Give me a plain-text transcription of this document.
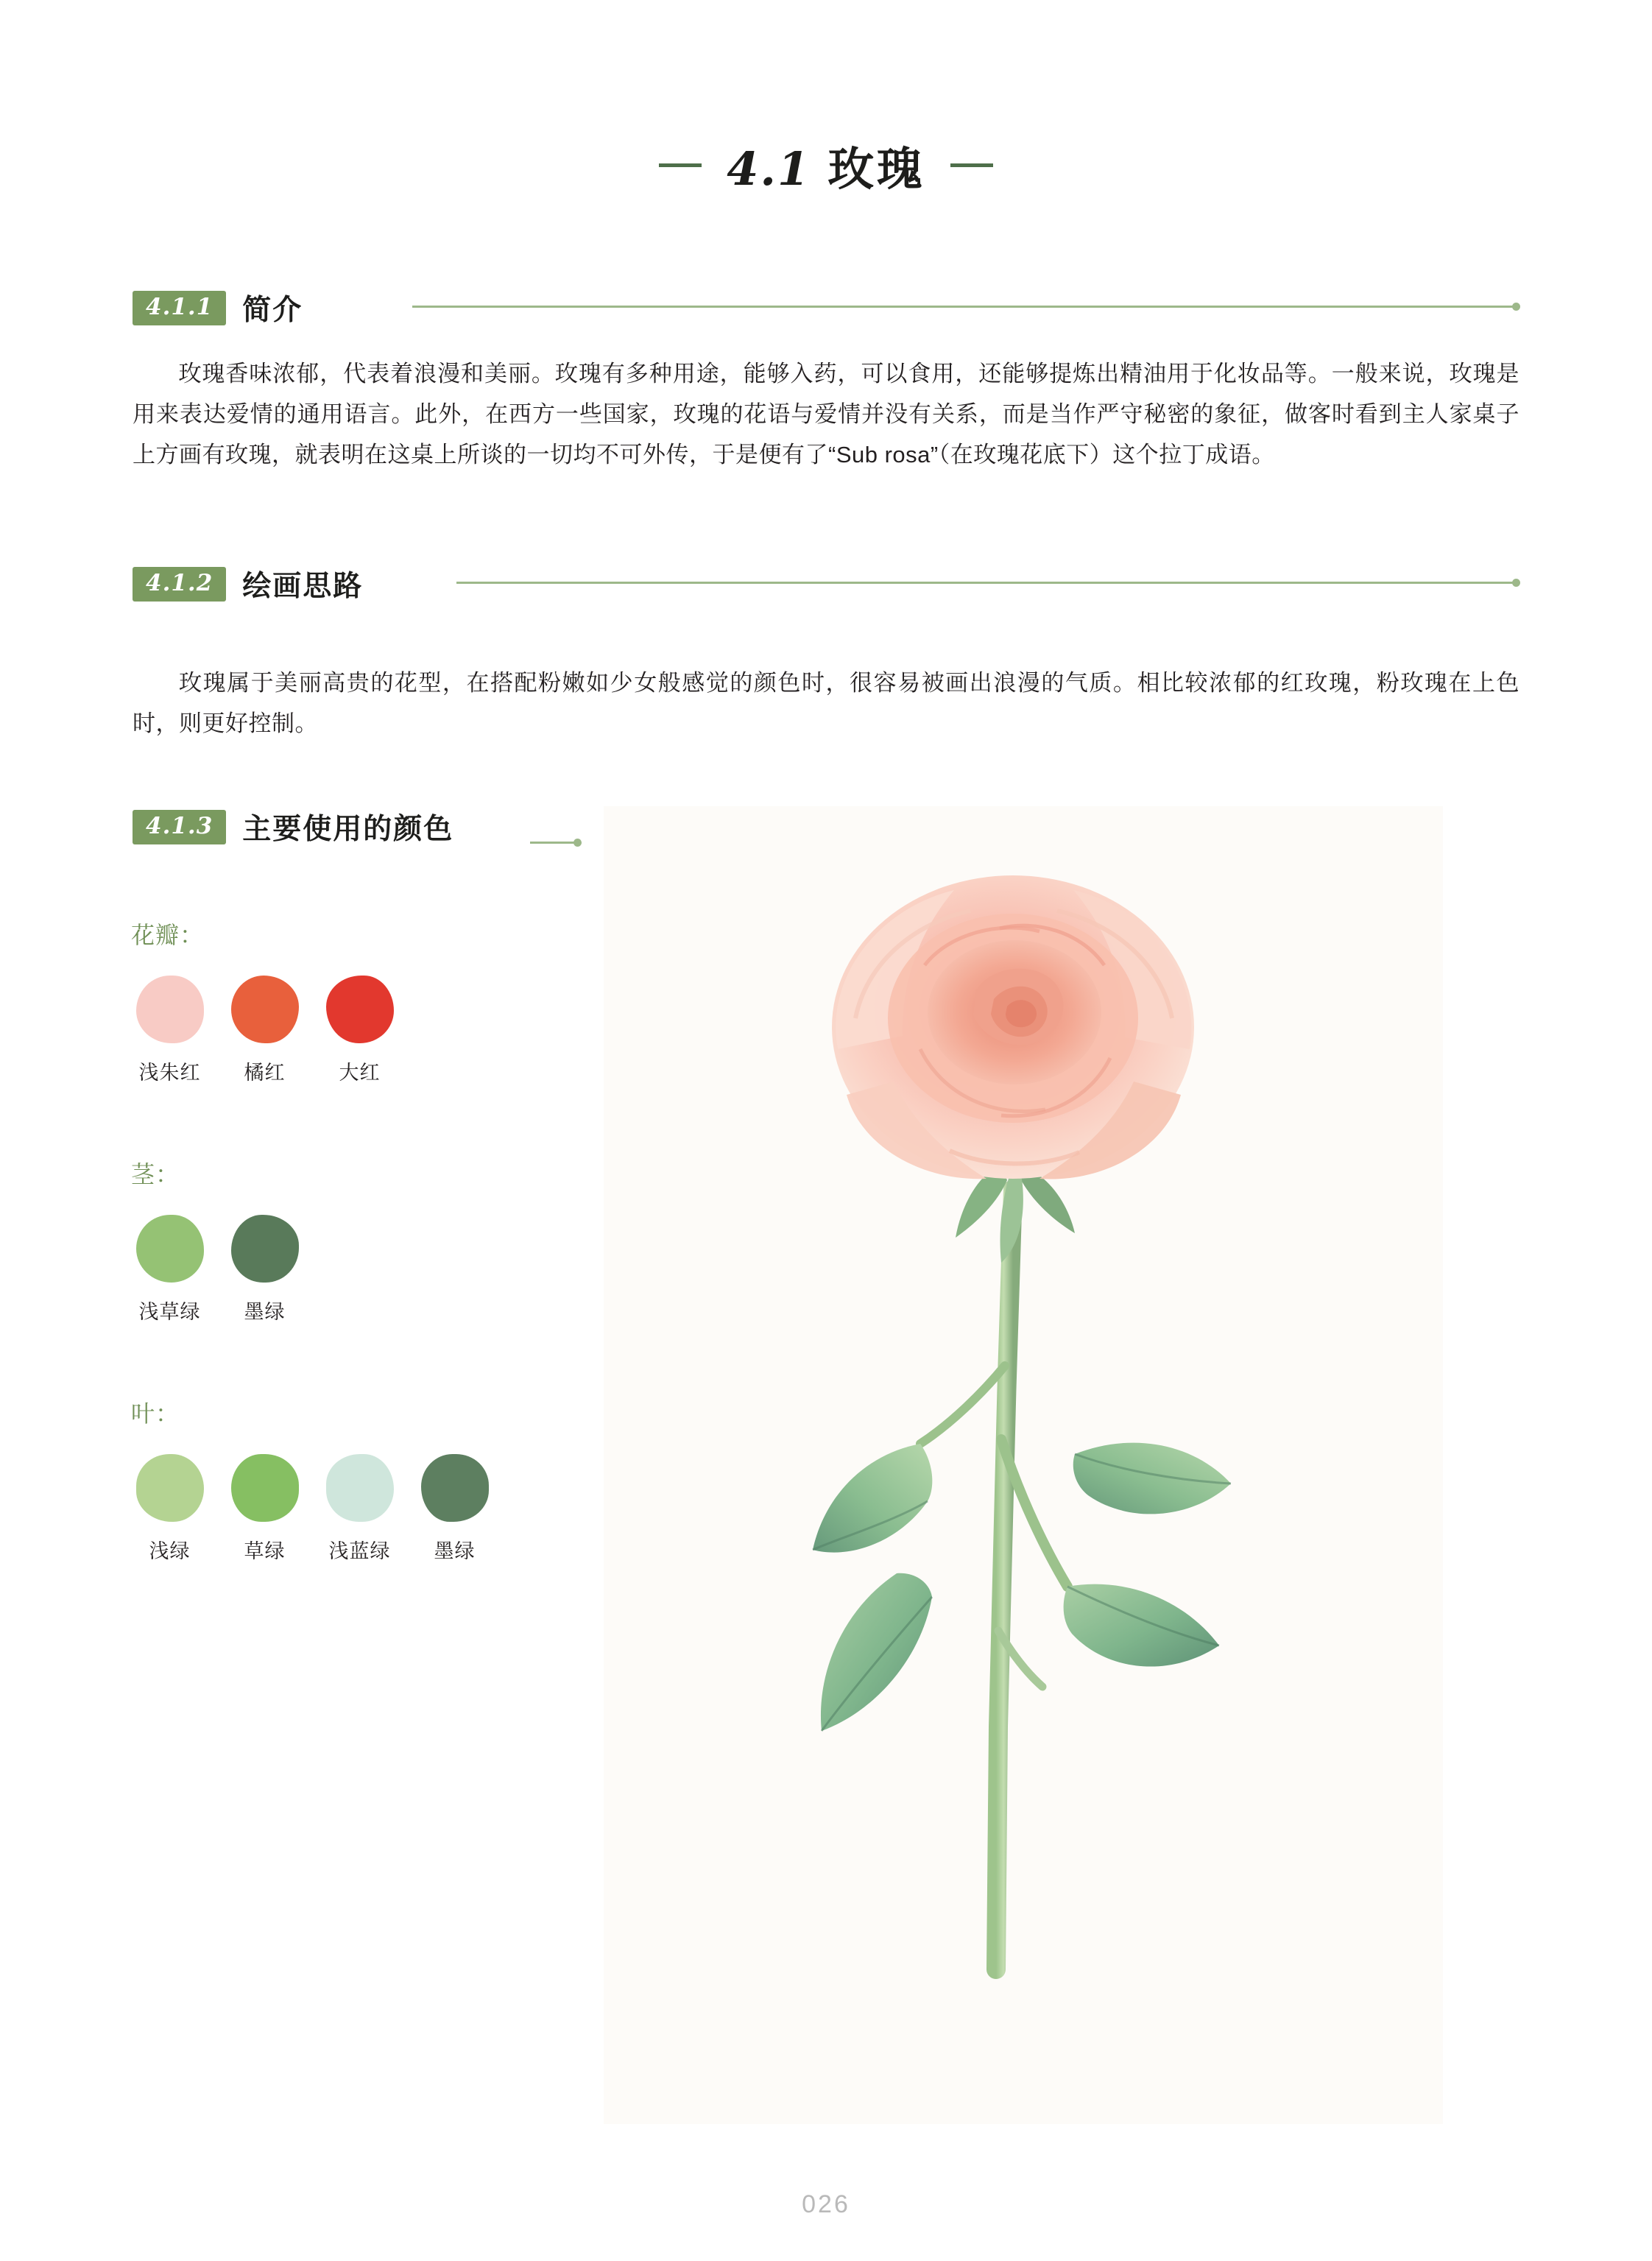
4.1 玫瑰
4.1.1	简介
玫瑰香味浓郁，代表着浪漫和美丽。玫瑰有多种用途，能够入药，可以食用，还能够提炼出精油用于化妆品等。一般来说，玫瑰是用来表达爱情的通用语言。此外，在西方一些国家，玫瑰的花语与爱情并没有关系，而是当作严守秘密的象征，做客时看到主人家桌子上方画有玫瑰，就表明在这桌上所谈的一切均不可外传，于是便有了“Sub rosa”（在玫瑰花底下）这个拉丁成语。
4.1.2	绘画思路
玫瑰属于美丽高贵的花型，在搭配粉嫩如少女般感觉的颜色时，很容易被画出浪漫的气质。相比较浓郁的红玫瑰，粉玫瑰在上色时，则更好控制。
4.1.3	主要使用的颜色
花瓣：
浅朱红 橘红	大红
茎：
浅草绿 墨绿
叶：
浅绿	草绿 浅蓝绿 墨绿
026
